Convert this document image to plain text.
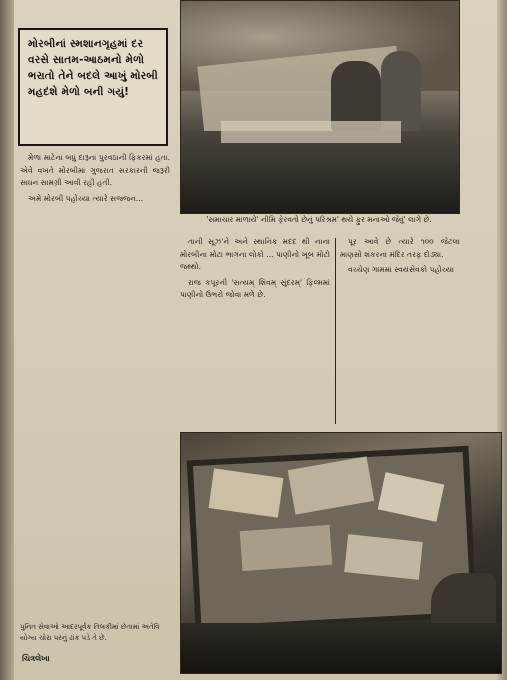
મોરબીનાં સ્મશાનગૃહમાં દર વરસે સાતમ-આઠમનો મેળો ભરાતો તેને બદલે આખું મોરબી મહદંશે મેળો બની ગયું!
'સમાચાર માળાયે' નીમિ ફેરવતો છેનું પરિશ્રમ' થયે ફુર મનાઓ જેવું' લાગે છે.

મેળા માટેના બધું દારૂના પુરવઠાની ફિકરમાં હતા. એવે વખતે મોરબીમાં ગુજરાત સરકારની જરૂરી સાધન સામગ્રી આવી રહી હતી.

અમે મોરબી પહોંચ્યા ત્યારે સજ્જન...

તાની સૂઝ'ને અને સ્થાનિક મદદ થી નાના મોરબીના મોટા ભાગના લોકો ... પાણીનો ખૂબ મોટો જથ્થો.

રાજ કપૂરની 'સત્યમ્ શિવમ્ સુંદરમ્' ફિલ્મમાં પાણીનો ઉભરો જોવા મળે છે.

પૂર આવે છે ત્યારે ૧૦૦ જેટલા માણસો શંકરના મંદિર તરફ દોડ્યા.

વચ્ચેણ ગામમાં સ્વયંસેવકો પહોંચ્યા

પુનિત સેવાઓ આદરપૂર્વક તિલકીમાં છેતામાં અતેવિ યોગ્ય ચોરા પરનું ઢાંક પડે તે છે.
ચિત્રલેખા
